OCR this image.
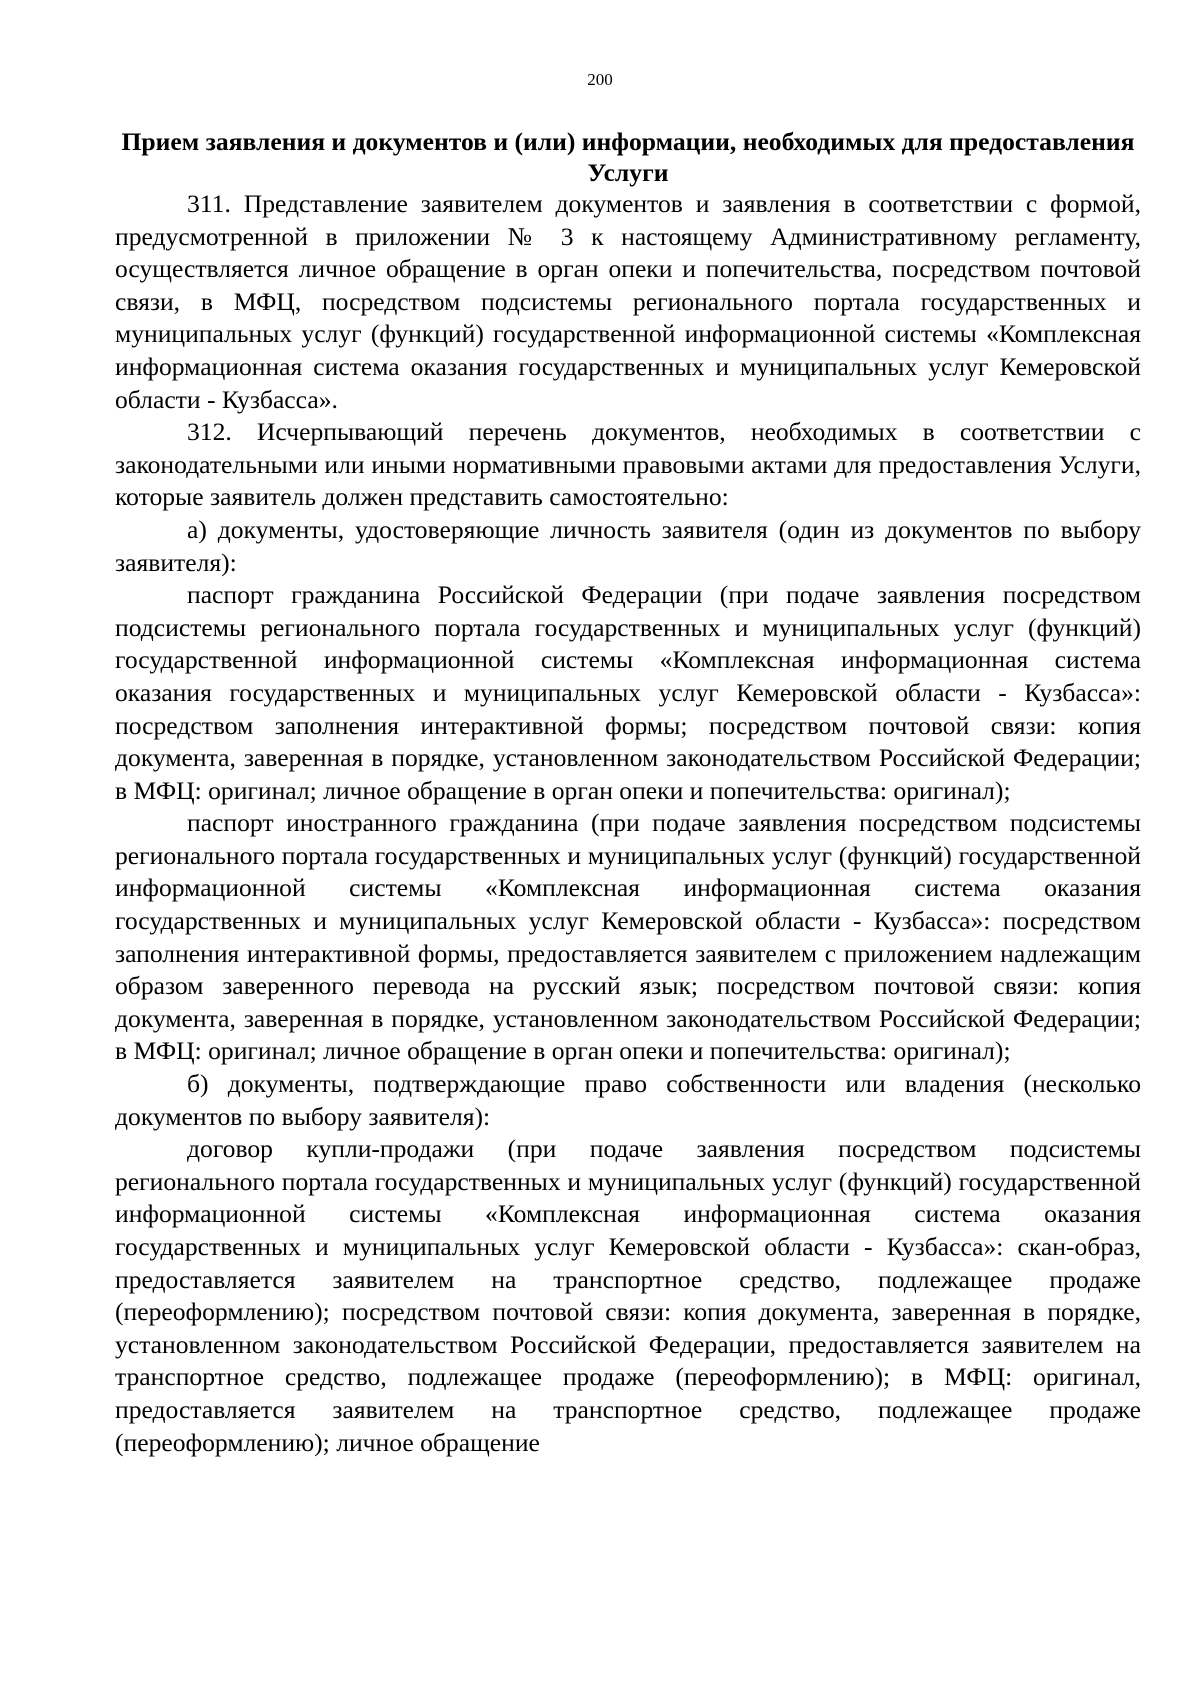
200
Прием заявления и документов и (или) информации, необходимых для предоставления Услуги

311. Представление заявителем документов и заявления в соответствии с формой, предусмотренной в приложении № 3 к настоящему Административному регламенту, осуществляется личное обращение в орган опеки и попечительства, посредством почтовой связи, в МФЦ, посредством подсистемы регионального портала государственных и муниципальных услуг (функций) государственной информационной системы «Комплексная информационная система оказания государственных и муниципальных услуг Кемеровской области - Кузбасса».

312. Исчерпывающий перечень документов, необходимых в соответствии с законодательными или иными нормативными правовыми актами для предоставления Услуги, которые заявитель должен представить самостоятельно:

а) документы, удостоверяющие личность заявителя (один из документов по выбору заявителя):

паспорт гражданина Российской Федерации (при подаче заявления посредством подсистемы регионального портала государственных и муниципальных услуг (функций) государственной информационной системы «Комплексная информационная система оказания государственных и муниципальных услуг Кемеровской области - Кузбасса»: посредством заполнения интерактивной формы; посредством почтовой связи: копия документа, заверенная в порядке, установленном законодательством Российской Федерации; в МФЦ: оригинал; личное обращение в орган опеки и попечительства: оригинал);

паспорт иностранного гражданина (при подаче заявления посредством подсистемы регионального портала государственных и муниципальных услуг (функций) государственной информационной системы «Комплексная информационная система оказания государственных и муниципальных услуг Кемеровской области - Кузбасса»: посредством заполнения интерактивной формы, предоставляется заявителем с приложением надлежащим образом заверенного перевода на русский язык; посредством почтовой связи: копия документа, заверенная в порядке, установленном законодательством Российской Федерации; в МФЦ: оригинал; личное обращение в орган опеки и попечительства: оригинал);

б) документы, подтверждающие право собственности или владения (несколько документов по выбору заявителя):

договор купли-продажи (при подаче заявления посредством подсистемы регионального портала государственных и муниципальных услуг (функций) государственной информационной системы «Комплексная информационная система оказания государственных и муниципальных услуг Кемеровской области - Кузбасса»: скан-образ, предоставляется заявителем на транспортное средство, подлежащее продаже (переоформлению); посредством почтовой связи: копия документа, заверенная в порядке, установленном законодательством Российской Федерации, предоставляется заявителем на транспортное средство, подлежащее продаже (переоформлению); в МФЦ: оригинал, предоставляется заявителем на транспортное средство, подлежащее продаже (переоформлению); личное обращение
